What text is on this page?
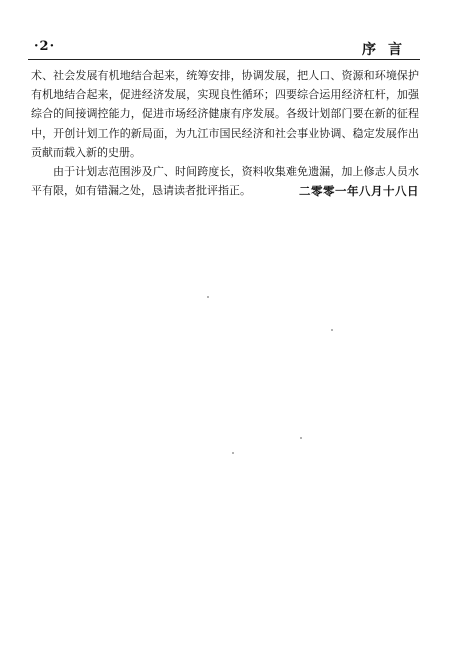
·2·	序言

术、社会发展有机地结合起来，统筹安排，协调发展，把人口、资源和环境保护有机地结合起来，促进经济发展，实现良性循环；四要综合运用经济杠杆，加强综合的间接调控能力，促进市场经济健康有序发展。各级计划部门要在新的征程中，开创计划工作的新局面，为九江市国民经济和社会事业协调、稳定发展作出贡献而载入新的史册。

由于计划志范围涉及广、时间跨度长，资料收集难免遗漏，加上修志人员水平有限，如有错漏之处，恳请读者批评指正。	二零零一年八月十八日
